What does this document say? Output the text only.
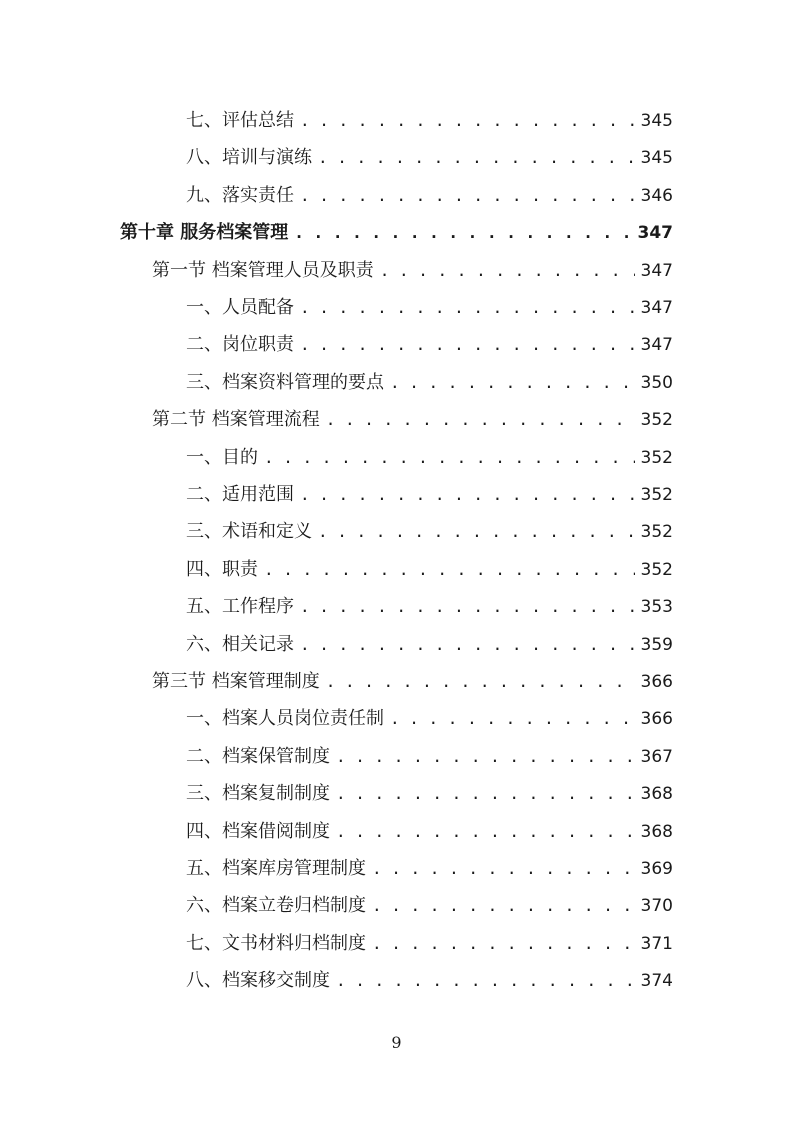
七、评估总结 . . .	345
八、培训与演练 . . .	345
九、落实责任 . . .	346
第十章 服务档案管理 . . .	347
第一节 档案管理人员及职责 . . .	347
一、人员配备 . . .	347
二、岗位职责 . . .	347
三、档案资料管理的要点 . . .	350
第二节 档案管理流程 . . .	352
一、目的 . . .	352
二、适用范围 . . .	352
三、术语和定义 . . .	352
四、职责 . . .	352
五、工作程序 . . .	353
六、相关记录 . . .	359
第三节 档案管理制度 . . .	366
一、档案人员岗位责任制 . . .	366
二、档案保管制度 . . .	367
三、档案复制制度 . . .	368
四、档案借阅制度 . . .	368
五、档案库房管理制度 . . .	369
六、档案立卷归档制度 . . .	370
七、文书材料归档制度 . . .	371
八、档案移交制度 . . .	374
9
